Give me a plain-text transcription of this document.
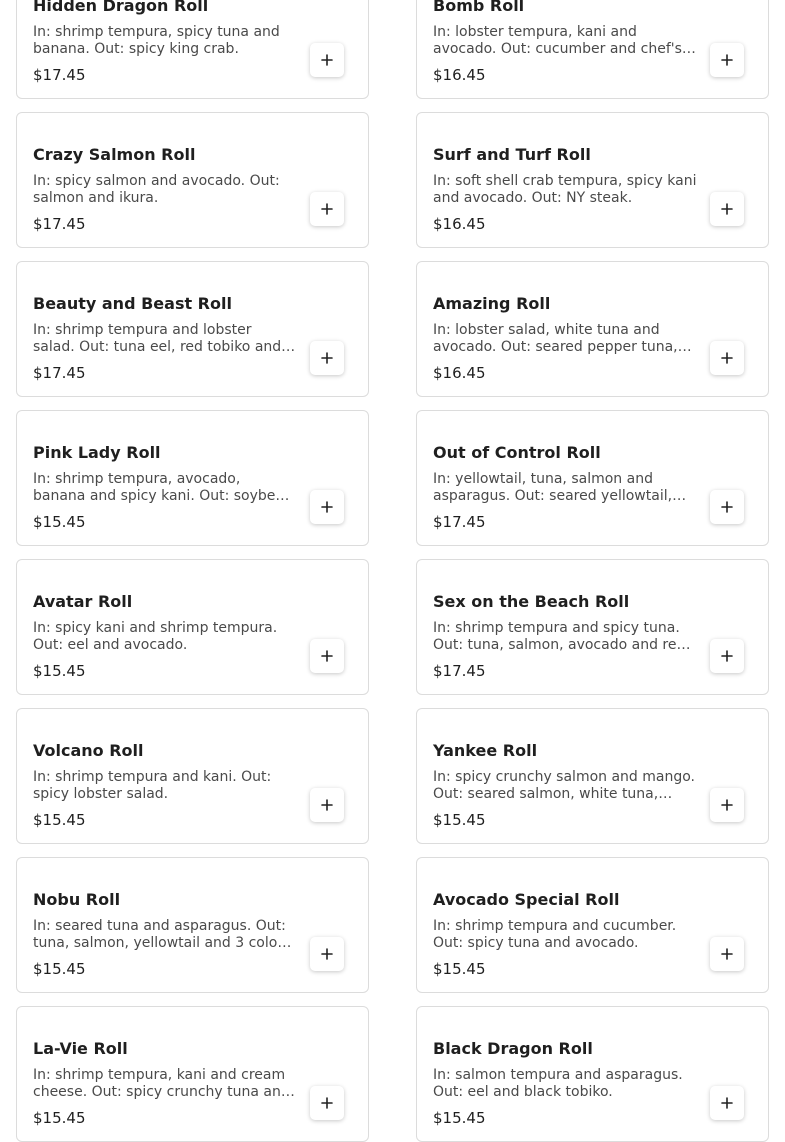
Hidden Dragon Roll
In: shrimp tempura, spicy tuna and banana. Out: spicy king crab.
$17.45
Bomb Roll
In: lobster tempura, kani and avocado. Out: cucumber and chef's
$16.45
Crazy Salmon Roll
In: spicy salmon and avocado. Out: salmon and ikura.
$17.45
Surf and Turf Roll
In: soft shell crab tempura, spicy kani and avocado. Out: NY steak.
$16.45
Beauty and Beast Roll
In: shrimp tempura and lobster salad. Out: tuna eel, red tobiko and
$17.45
Amazing Roll
In: lobster salad, white tuna and avocado. Out: seared pepper tuna,
$16.45
Pink Lady Roll
In: shrimp tempura, avocado, banana and spicy kani. Out: soybean
$15.45
Out of Control Roll
In: yellowtail, tuna, salmon and asparagus. Out: seared yellowtail,
$17.45
Avatar Roll
In: spicy kani and shrimp tempura. Out: eel and avocado.
$15.45
Sex on the Beach Roll
In: shrimp tempura and spicy tuna. Out: tuna, salmon, avocado and red
$17.45
Volcano Roll
In: shrimp tempura and kani. Out: spicy lobster salad.
$15.45
Yankee Roll
In: spicy crunchy salmon and mango. Out: seared salmon, white tuna,
$15.45
Nobu Roll
In: seared tuna and asparagus. Out: tuna, salmon, yellowtail and 3 color
$15.45
Avocado Special Roll
In: shrimp tempura and cucumber. Out: spicy tuna and avocado.
$15.45
La-Vie Roll
In: shrimp tempura, kani and cream cheese. Out: spicy crunchy tuna and
$15.45
Black Dragon Roll
In: salmon tempura and asparagus. Out: eel and black tobiko.
$15.45
